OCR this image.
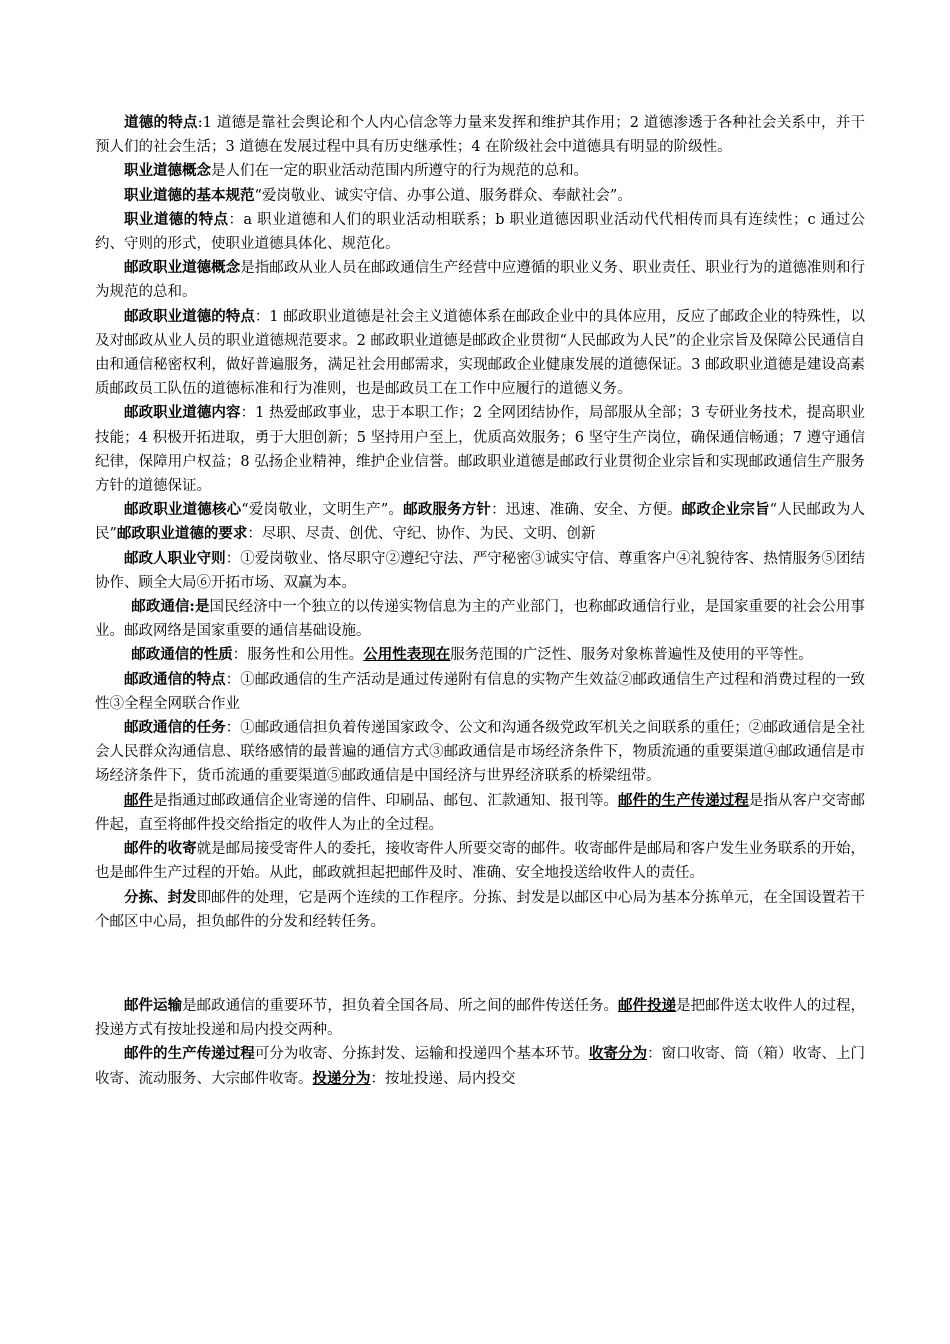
道德的特点:1 道德是靠社会舆论和个人内心信念等力量来发挥和维护其作用；2 道德渗透于各种社会关系中，并干预人们的社会生活；3 道德在发展过程中具有历史继承性；4 在阶级社会中道德具有明显的阶级性。

职业道德概念是人们在一定的职业活动范围内所遵守的行为规范的总和。

职业道德的基本规范“爱岗敬业、诚实守信、办事公道、服务群众、奉献社会”。

职业道德的特点：a 职业道德和人们的职业活动相联系；b 职业道德因职业活动代代相传而具有连续性；c 通过公约、守则的形式，使职业道德具体化、规范化。

邮政职业道德概念是指邮政从业人员在邮政通信生产经营中应遵循的职业义务、职业责任、职业行为的道德准则和行为规范的总和。

邮政职业道德的特点：1 邮政职业道德是社会主义道德体系在邮政企业中的具体应用，反应了邮政企业的特殊性，以及对邮政从业人员的职业道德规范要求。2 邮政职业道德是邮政企业贯彻“人民邮政为人民”的企业宗旨及保障公民通信自由和通信秘密权利，做好普遍服务，满足社会用邮需求，实现邮政企业健康发展的道德保证。3 邮政职业道德是建设高素质邮政员工队伍的道德标准和行为准则，也是邮政员工在工作中应履行的道德义务。

邮政职业道德内容：1 热爱邮政事业，忠于本职工作；2 全网团结协作，局部服从全部；3 专研业务技术，提高职业技能；4 积极开拓进取，勇于大胆创新；5 坚持用户至上，优质高效服务；6 坚守生产岗位，确保通信畅通；7 遵守通信纪律，保障用户权益；8 弘扬企业精神，维护企业信誉。邮政职业道德是邮政行业贯彻企业宗旨和实现邮政通信生产服务方针的道德保证。

邮政职业道德核心“爱岗敬业，文明生产”。邮政服务方针：迅速、准确、安全、方便。邮政企业宗旨“人民邮政为人民”邮政职业道德的要求：尽职、尽责、创优、守纪、协作、为民、文明、创新

邮政人职业守则：①爱岗敬业、恪尽职守②遵纪守法、严守秘密③诚实守信、尊重客户④礼貌待客、热情服务⑤团结协作、顾全大局⑥开拓市场、双赢为本。

邮政通信:是国民经济中一个独立的以传递实物信息为主的产业部门，也称邮政通信行业，是国家重要的社会公用事业。邮政网络是国家重要的通信基础设施。

邮政通信的性质：服务性和公用性。公用性表现在服务范围的广泛性、服务对象栋普遍性及使用的平等性。

邮政通信的特点：①邮政通信的生产活动是通过传递附有信息的实物产生效益②邮政通信生产过程和消费过程的一致性③全程全网联合作业

邮政通信的任务：①邮政通信担负着传递国家政令、公文和沟通各级党政军机关之间联系的重任；②邮政通信是全社会人民群众沟通信息、联络感情的最普遍的通信方式③邮政通信是市场经济条件下，物质流通的重要渠道④邮政通信是市场经济条件下，货币流通的重要渠道⑤邮政通信是中国经济与世界经济联系的桥梁纽带。

邮件是指通过邮政通信企业寄递的信件、印刷品、邮包、汇款通知、报刊等。邮件的生产传递过程是指从客户交寄邮件起，直至将邮件投交给指定的收件人为止的全过程。

邮件的收寄就是邮局接受寄件人的委托，接收寄件人所要交寄的邮件。收寄邮件是邮局和客户发生业务联系的开始，也是邮件生产过程的开始。从此，邮政就担起把邮件及时、准确、安全地投送给收件人的责任。

分拣、封发即邮件的处理，它是两个连续的工作程序。分拣、封发是以邮区中心局为基本分拣单元，在全国设置若干个邮区中心局，担负邮件的分发和经转任务。

邮件运输是邮政通信的重要环节，担负着全国各局、所之间的邮件传送任务。邮件投递是把邮件送太收件人的过程，投递方式有按址投递和局内投交两种。

邮件的生产传递过程可分为收寄、分拣封发、运输和投递四个基本环节。收寄分为：窗口收寄、筒（箱）收寄、上门收寄、流动服务、大宗邮件收寄。投递分为：按址投递、局内投交
